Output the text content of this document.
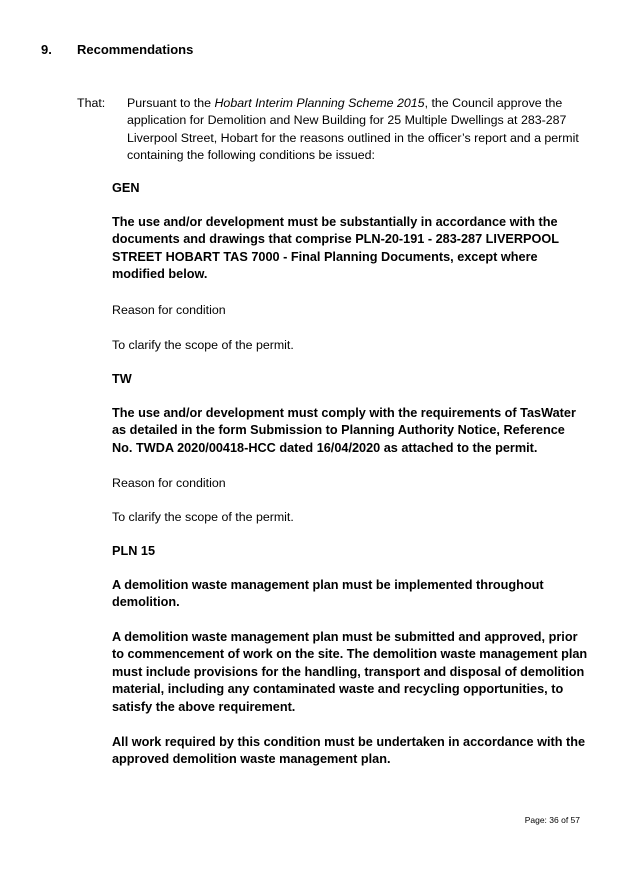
9. Recommendations
That: Pursuant to the Hobart Interim Planning Scheme 2015, the Council approve the application for Demolition and New Building for 25 Multiple Dwellings at 283-287 Liverpool Street, Hobart for the reasons outlined in the officer’s report and a permit containing the following conditions be issued:
GEN
The use and/or development must be substantially in accordance with the documents and drawings that comprise PLN-20-191 - 283-287 LIVERPOOL STREET HOBART TAS 7000 - Final Planning Documents, except where modified below.
Reason for condition
To clarify the scope of the permit.
TW
The use and/or development must comply with the requirements of TasWater as detailed in the form Submission to Planning Authority Notice, Reference No. TWDA 2020/00418-HCC dated 16/04/2020 as attached to the permit.
Reason for condition
To clarify the scope of the permit.
PLN 15
A demolition waste management plan must be implemented throughout demolition.
A demolition waste management plan must be submitted and approved, prior to commencement of work on the site. The demolition waste management plan must include provisions for the handling, transport and disposal of demolition material, including any contaminated waste and recycling opportunities, to satisfy the above requirement.
All work required by this condition must be undertaken in accordance with the approved demolition waste management plan.
Page: 36 of 57
